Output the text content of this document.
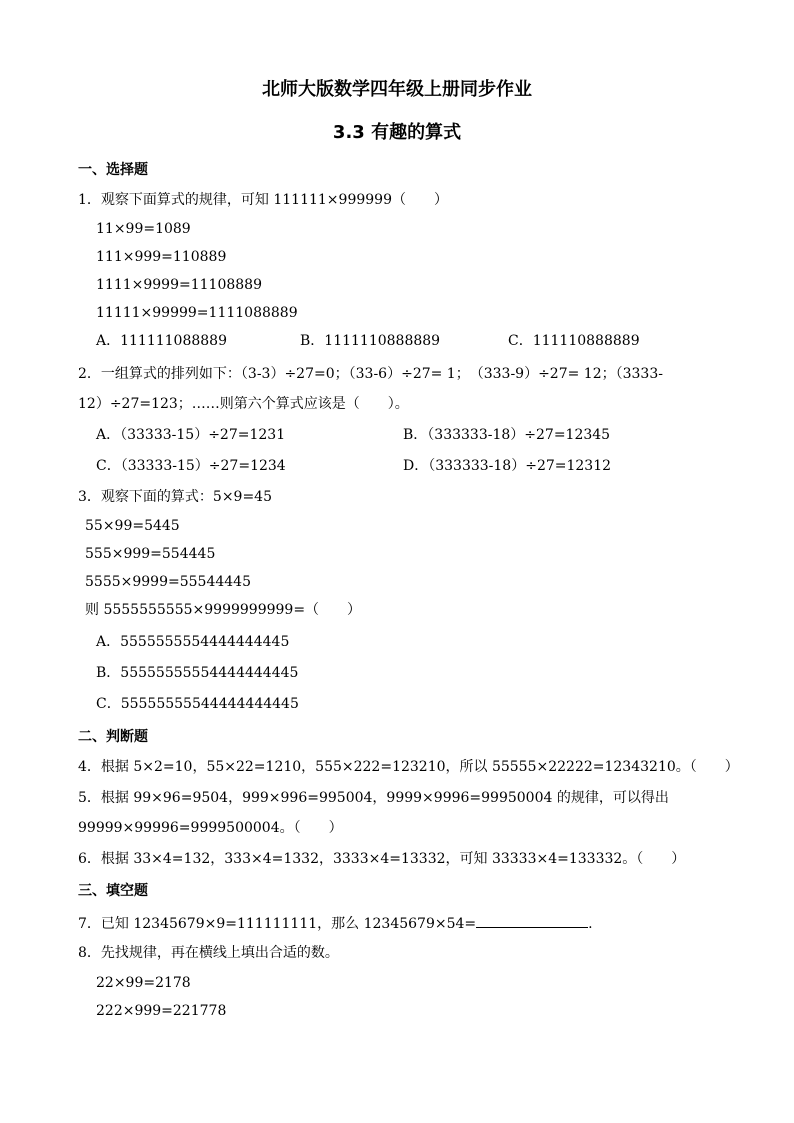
北师大版数学四年级上册同步作业
3.3 有趣的算式
一、选择题
1．观察下面算式的规律，可知 111111×999999（　　）
11×99=1089
111×999=110889
1111×9999=11108889
11111×99999=1111088889
A．111111088889	B．1111110888889	C．111110888889
2．一组算式的排列如下：（3-3）÷27=0；（33-6）÷27= 1；　（333-9）÷27= 12；（3333-
12）÷27=123；……则第六个算式应该是（　　）。
A．（33333-15）÷27=1231	B．（333333-18）÷27=12345
C．（33333-15）÷27=1234	D．（333333-18）÷27=12312
3．观察下面的算式：5×9=45
55×99=5445
555×999=554445
5555×9999=55544445
则 5555555555×9999999999=（　　）
A．5555555554444444445
B．55555555554444444445
C．55555555544444444445
二、判断题
4．根据 5×2=10，55×22=1210，555×222=123210，所以 55555×22222=12343210。（　　）
5．根据 99×96=9504，999×996=995004，9999×9996=99950004 的规律，可以得出
99999×99996=9999500004。（　　）
6．根据 33×4=132，333×4=1332，3333×4=13332，可知 33333×4=133332。（　　）
三、填空题
7．已知 12345679×9=111111111，那么 12345679×54=	.
8．先找规律，再在横线上填出合适的数。
22×99=2178
222×999=221778
